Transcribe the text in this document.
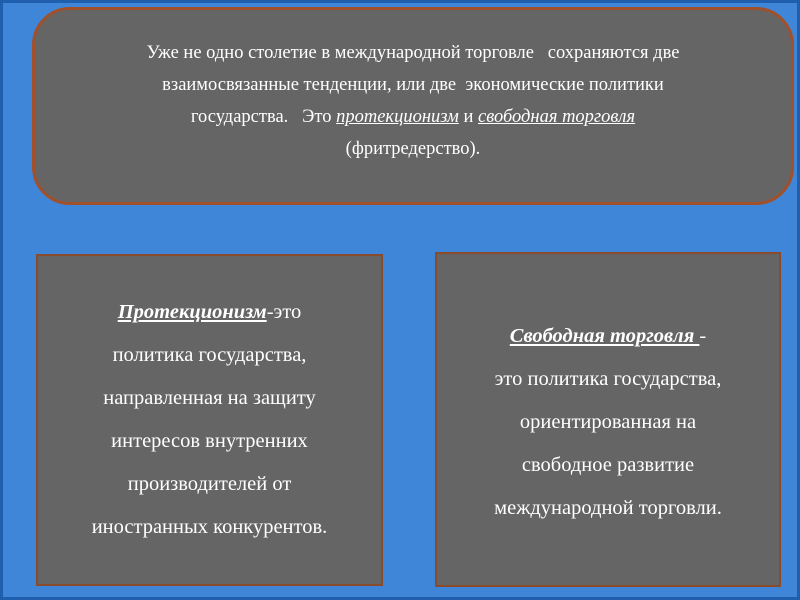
Уже не одно столетие в международной торговле   сохраняются две
взаимосвязанные тенденции, или две  экономические политики
государства.   Это протекционизм и свободная торговля
(фритредерство).
Протекционизм-это
политика государства,
направленная на защиту
интересов внутренних
производителей от
иностранных конкурентов.
Свободная торговля -
это политика государства,
ориентированная на
свободное развитие
международной торговли.
